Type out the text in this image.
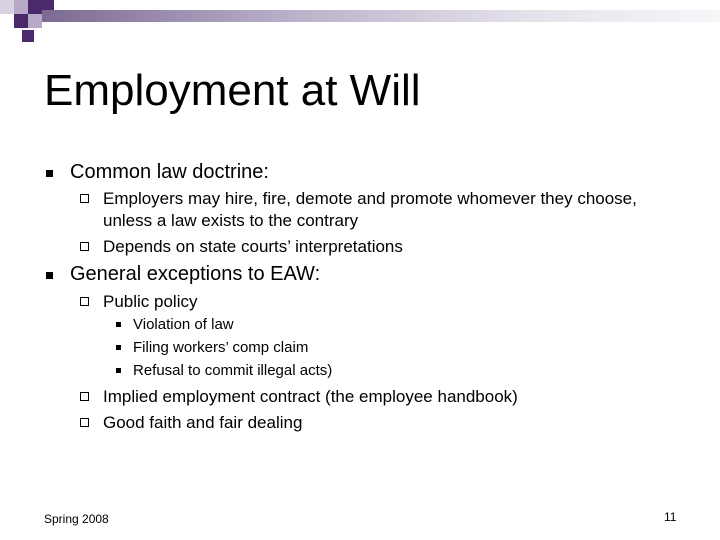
Employment at Will
Common law doctrine:
Employers may hire, fire, demote and promote whomever they choose,
unless a law exists to the contrary
Depends on state courts’ interpretations
General exceptions to EAW:
Public policy
Violation of law
Filing workers’ comp claim
Refusal to commit illegal acts)
Implied employment contract (the employee handbook)
Good faith and fair dealing
Spring 2008	11
